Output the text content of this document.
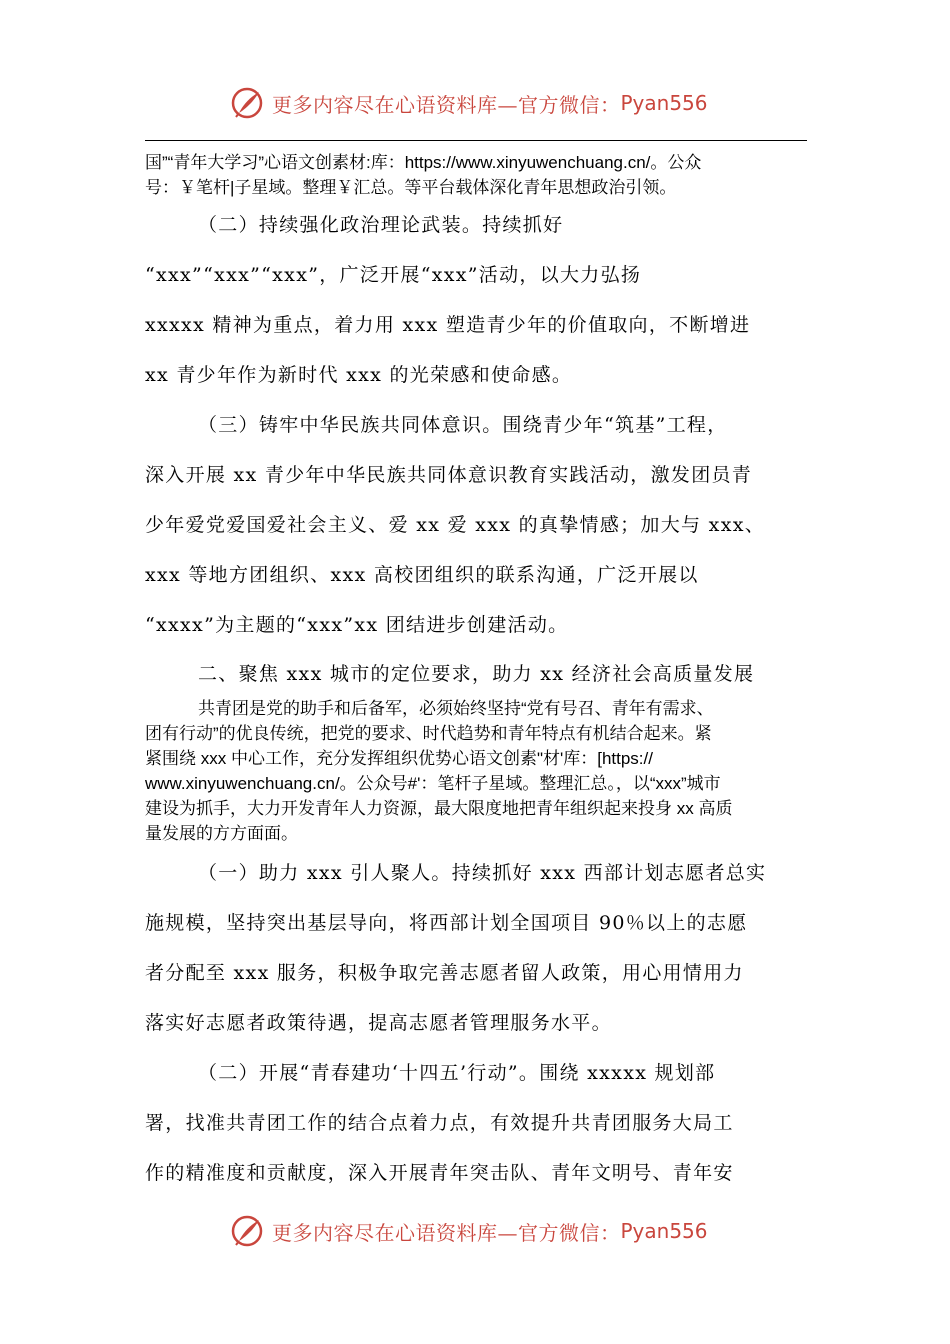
更多内容尽在心语资料库—官方微信： Pyan556
国”“青年大学习”心语文创素材:库：https://www.xinyuwenchuang.cn/。公众
号：￥笔杆|子星域。整理￥汇总。等平台载体深化青年思想政治引领。
（二）持续强化政治理论武装。持续抓好
“xxx”“xxx”“xxx”，广泛开展“xxx”活动，以大力弘扬
xxxxx 精神为重点，着力用 xxx 塑造青少年的价值取向，不断增进
xx 青少年作为新时代 xxx 的光荣感和使命感。
（三）铸牢中华民族共同体意识。围绕青少年“筑基”工程，
深入开展 xx 青少年中华民族共同体意识教育实践活动，激发团员青
少年爱党爱国爱社会主义、爱 xx 爱 xxx 的真挚情感；加大与 xxx、
xxx 等地方团组织、xxx 高校团组织的联系沟通，广泛开展以
“xxxx”为主题的“xxx”xx 团结进步创建活动。
二、聚焦 xxx 城市的定位要求，助力 xx 经济社会高质量发展
共青团是党的助手和后备军，必须始终坚持“党有号召、青年有需求、
团有行动”的优良传统，把党的要求、时代趋势和青年特点有机结合起来。紧
紧围绕 xxx 中心工作，充分发挥组织优势心语文创素"材'库：[https://
www.xinyuwenchuang.cn/。公众号#'：笔杆子星域。整理汇总。，以“xxx”城市
建设为抓手，大力开发青年人力资源，最大限度地把青年组织起来投身 xx 高质
量发展的方方面面。
（一）助力 xxx 引人聚人。持续抓好 xxx 西部计划志愿者总实
施规模，坚持突出基层导向，将西部计划全国项目 90％以上的志愿
者分配至 xxx 服务，积极争取完善志愿者留人政策，用心用情用力
落实好志愿者政策待遇，提高志愿者管理服务水平。
（二）开展“青春建功‘十四五’行动”。围绕 xxxxx 规划部
署，找准共青团工作的结合点着力点，有效提升共青团服务大局工
作的精准度和贡献度，深入开展青年突击队、青年文明号、青年安
更多内容尽在心语资料库—官方微信： Pyan556
